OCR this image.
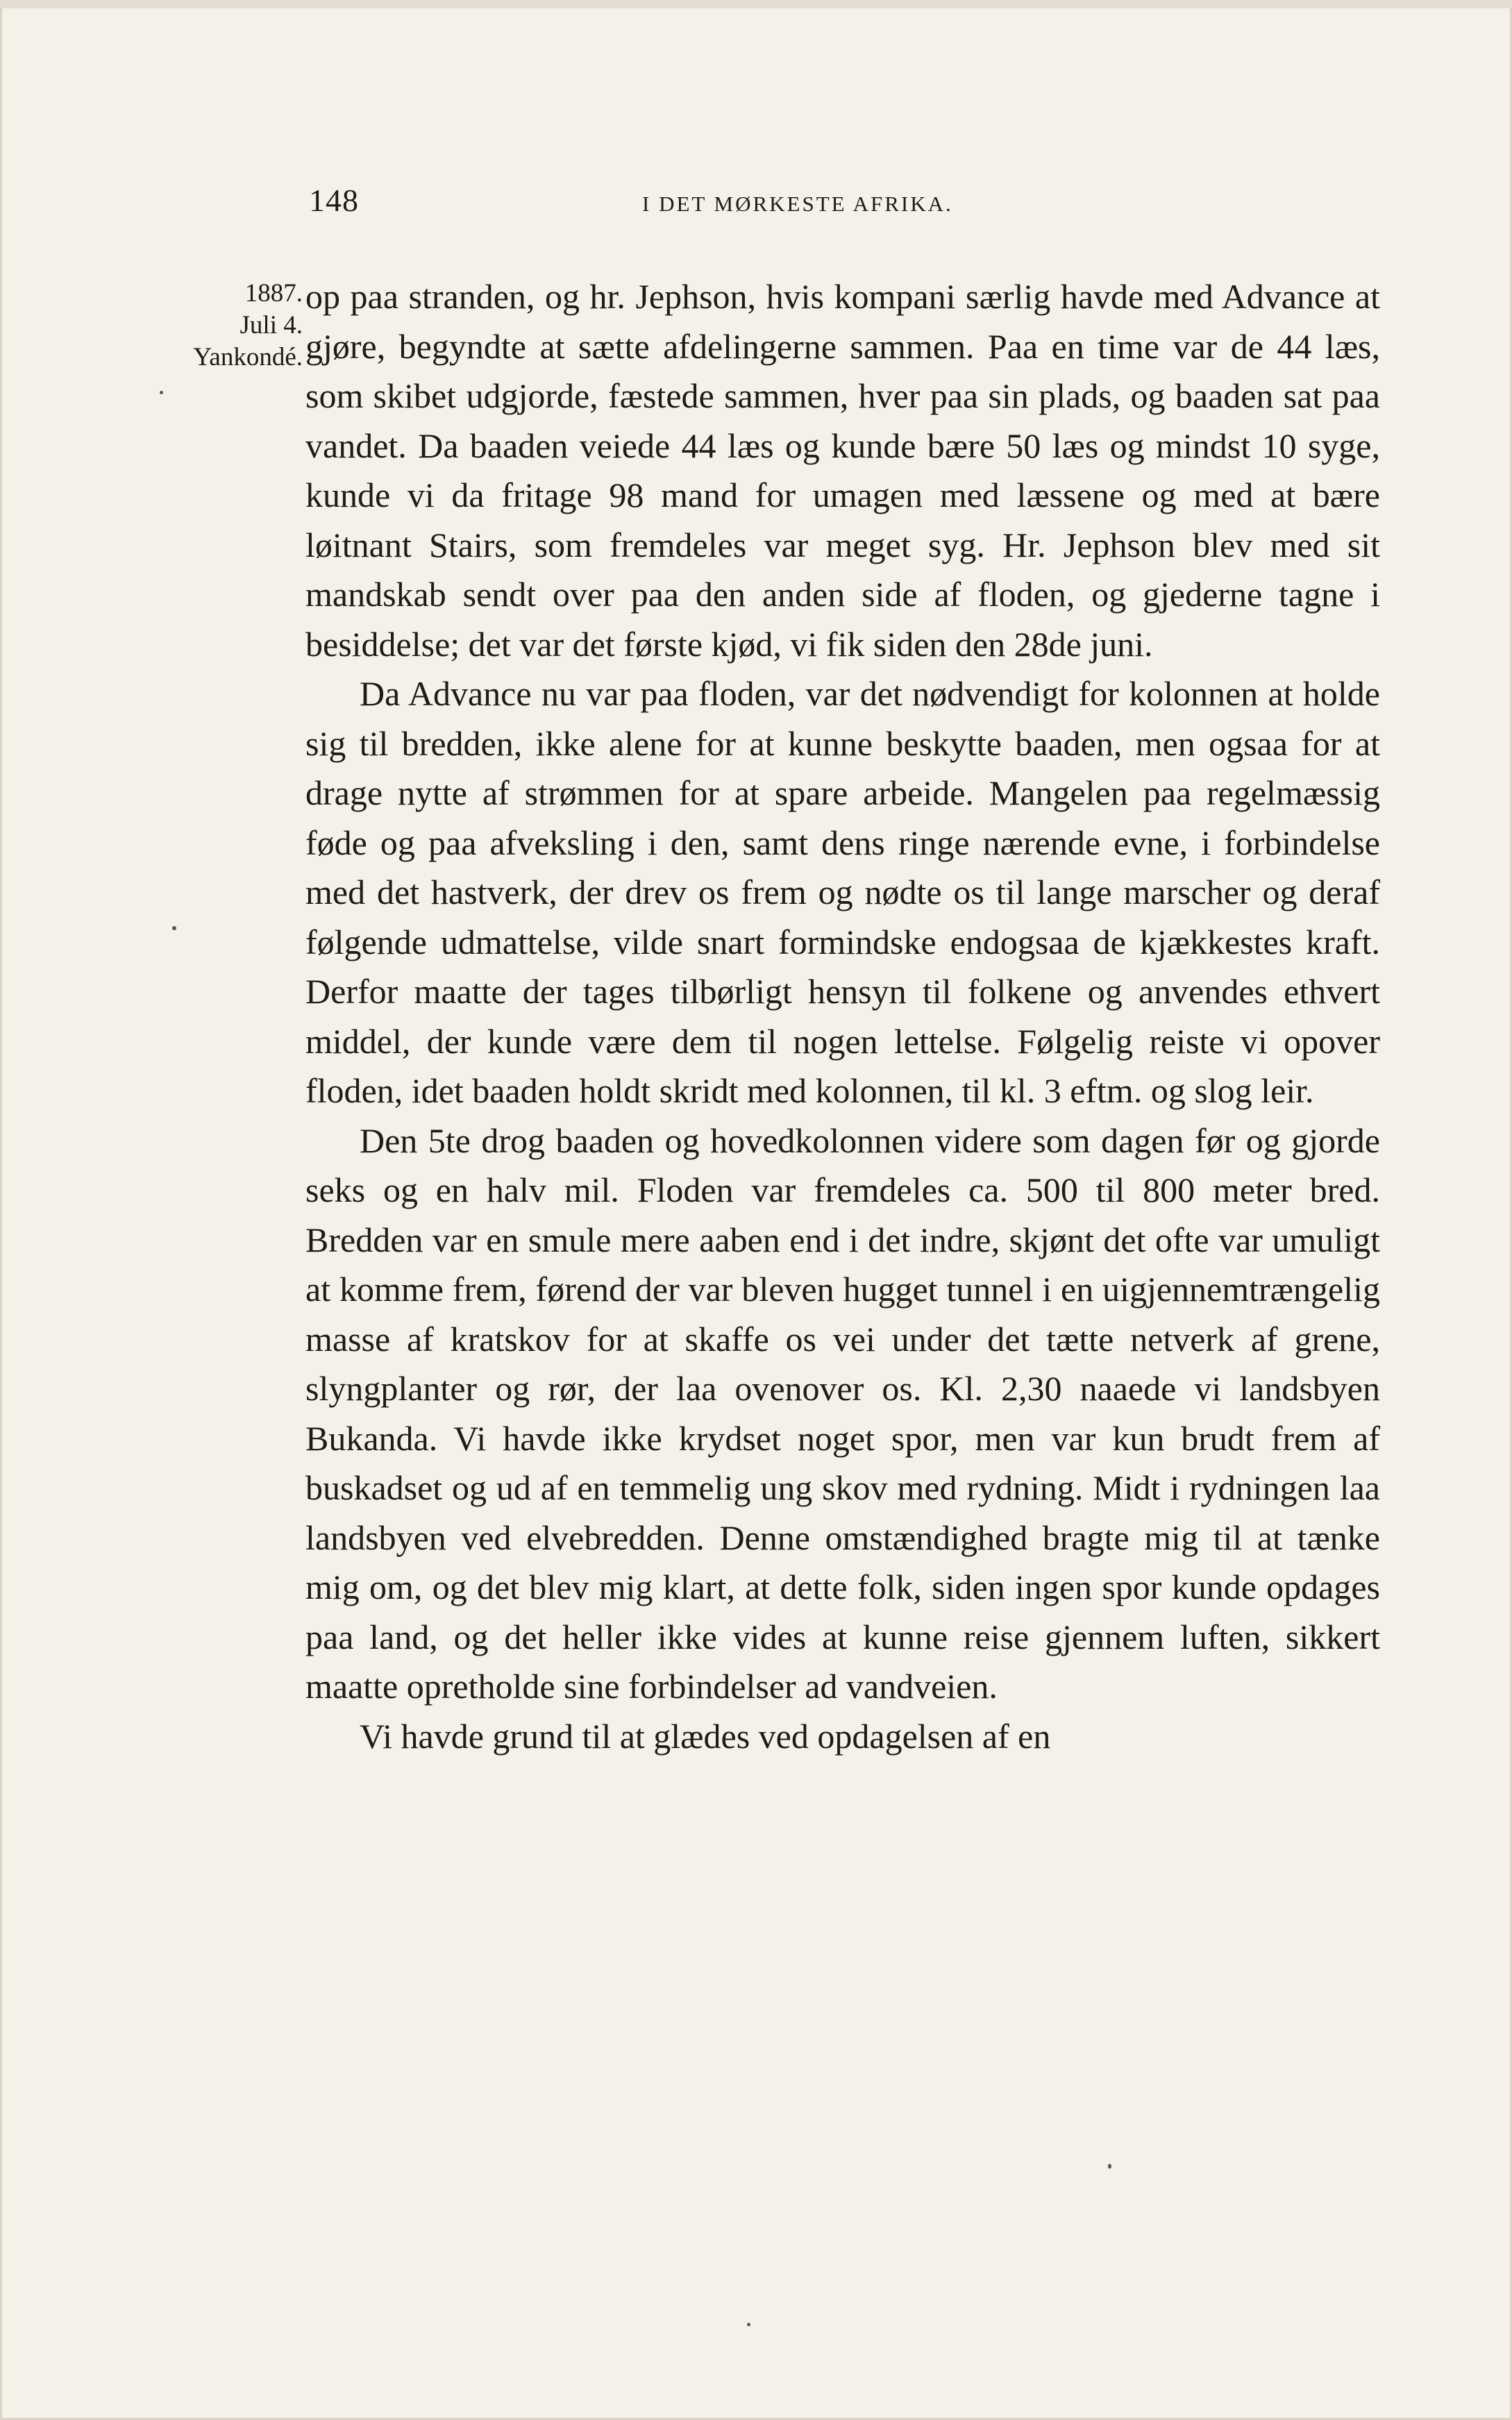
148	I DET MØRKESTE AFRIKA.
1887.
Juli 4.
Yankondé.

op paa stranden, og hr. Jephson, hvis kompani særlig havde med Advance at gjøre, begyndte at sætte afdelingerne sammen. Paa en time var de 44 læs, som skibet udgjorde, fæstede sammen, hver paa sin plads, og baaden sat paa vandet. Da baaden veiede 44 læs og kunde bære 50 læs og mindst 10 syge, kunde vi da fritage 98 mand for umagen med læssene og med at bære løitnant Stairs, som fremdeles var meget syg. Hr. Jephson blev med sit mandskab sendt over paa den anden side af floden, og gjederne tagne i besiddelse; det var det første kjød, vi fik siden den 28de juni.

Da Advance nu var paa floden, var det nødvendigt for kolonnen at holde sig til bredden, ikke alene for at kunne beskytte baaden, men ogsaa for at drage nytte af strømmen for at spare arbeide. Mangelen paa regelmæssig føde og paa afveksling i den, samt dens ringe nærende evne, i forbindelse med det hastverk, der drev os frem og nødte os til lange marscher og deraf følgende udmattelse, vilde snart formindske endogsaa de kjækkestes kraft. Derfor maatte der tages tilbørligt hensyn til folkene og anvendes ethvert middel, der kunde være dem til nogen lettelse. Følgelig reiste vi opover floden, idet baaden holdt skridt med kolonnen, til kl. 3 eftm. og slog leir.

Den 5te drog baaden og hovedkolonnen videre som dagen før og gjorde seks og en halv mil. Floden var fremdeles ca. 500 til 800 meter bred. Bredden var en smule mere aaben end i det indre, skjønt det ofte var umuligt at komme frem, førend der var bleven hugget tunnel i en uigjennemtrængelig masse af kratskov for at skaffe os vei under det tætte netverk af grene, slyngplanter og rør, der laa ovenover os. Kl. 2,30 naaede vi landsbyen Bukanda. Vi havde ikke krydset noget spor, men var kun brudt frem af buskadset og ud af en temmelig ung skov med rydning. Midt i rydningen laa landsbyen ved elvebredden. Denne omstændighed bragte mig til at tænke mig om, og det blev mig klart, at dette folk, siden ingen spor kunde opdages paa land, og det heller ikke vides at kunne reise gjennem luften, sikkert maatte opretholde sine forbindelser ad vandveien.

Vi havde grund til at glædes ved opdagelsen af en
